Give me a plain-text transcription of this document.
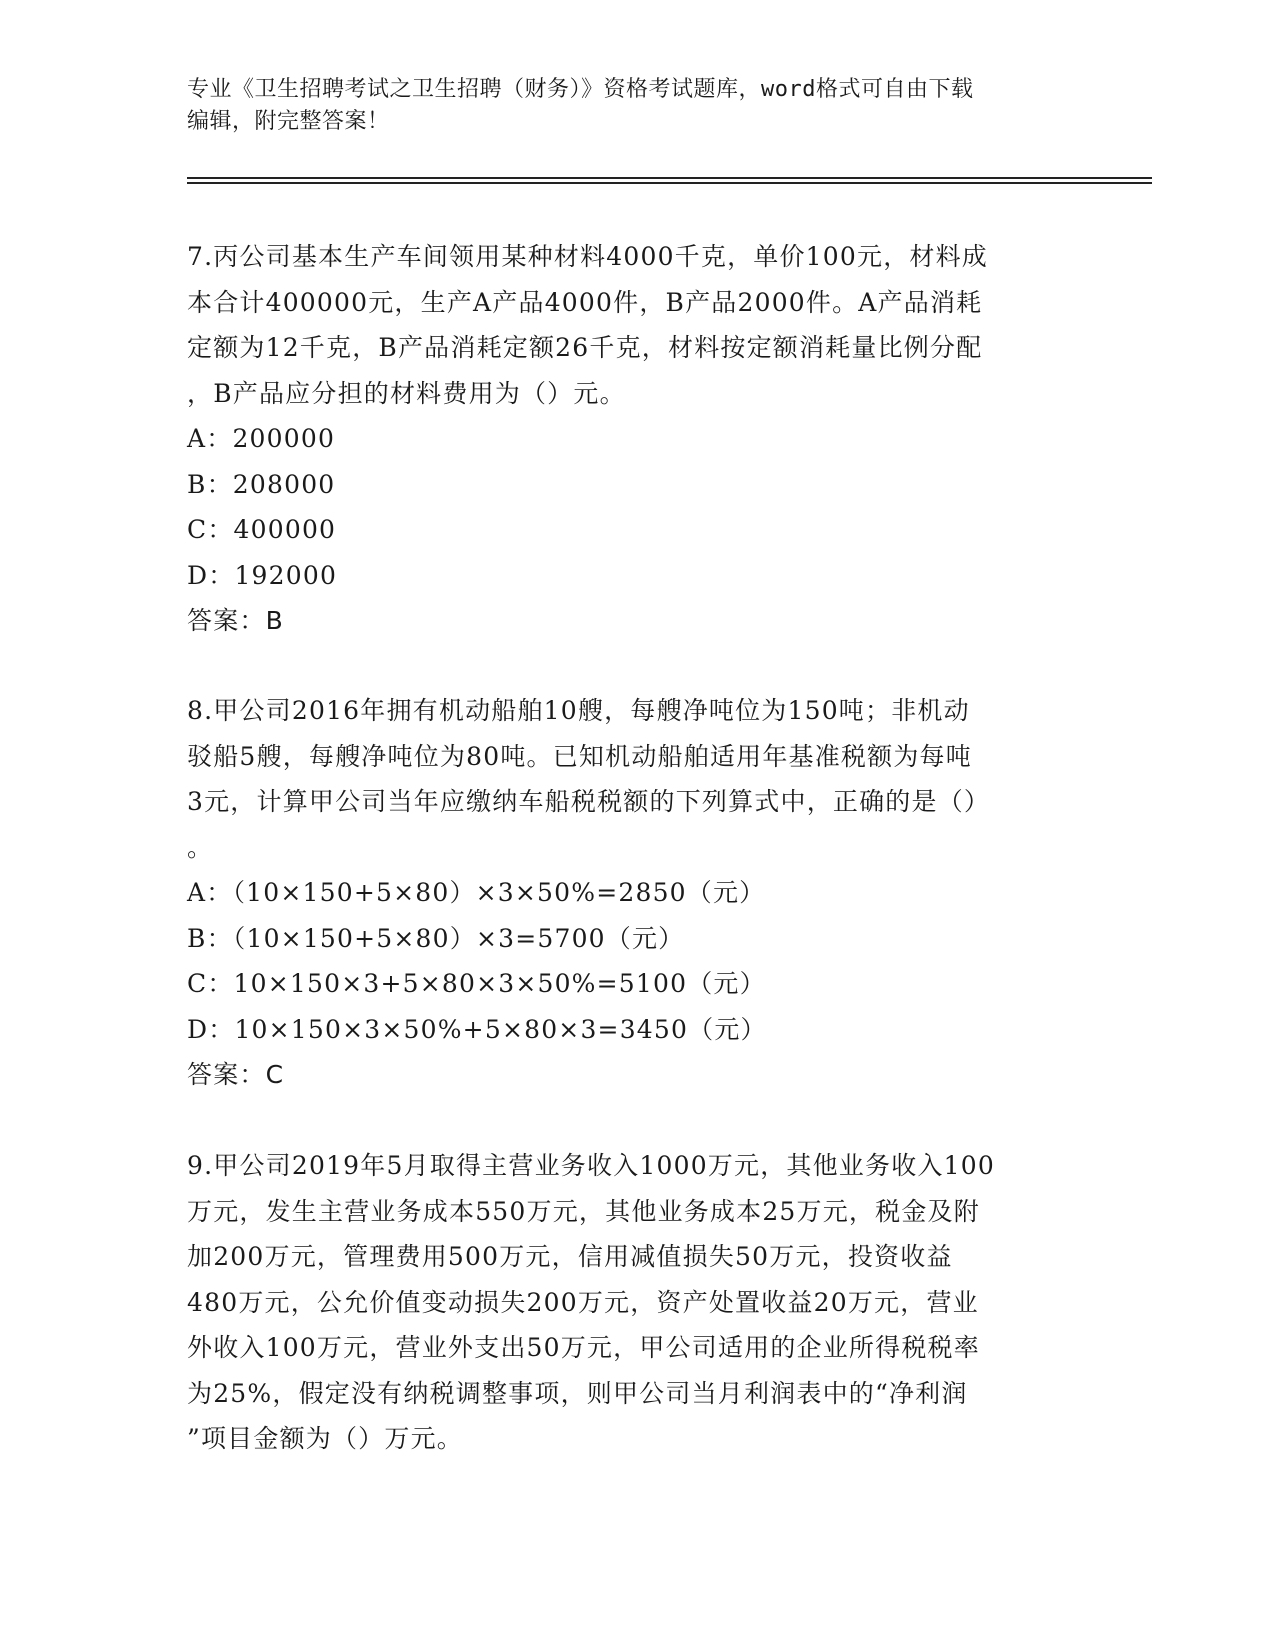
专业《卫生招聘考试之卫生招聘（财务）》资格考试题库，word格式可自由下载
编辑，附完整答案！
7.丙公司基本生产车间领用某种材料4000千克，单价100元，材料成
本合计400000元，生产A产品4000件，B产品2000件。A产品消耗
定额为12千克，B产品消耗定额26千克，材料按定额消耗量比例分配
，B产品应分担的材料费用为（）元。
A：200000
B：208000
C：400000
D：192000
答案：B
8.甲公司2016年拥有机动船舶10艘，每艘净吨位为150吨；非机动
驳船5艘，每艘净吨位为80吨。已知机动船舶适用年基准税额为每吨
3元，计算甲公司当年应缴纳车船税税额的下列算式中，正确的是（）
。
A：（10×150+5×80）×3×50%=2850（元）
B：（10×150+5×80）×3=5700（元）
C：10×150×3+5×80×3×50%=5100（元）
D：10×150×3×50%+5×80×3=3450（元）
答案：C
9.甲公司2019年5月取得主营业务收入1000万元，其他业务收入100
万元，发生主营业务成本550万元，其他业务成本25万元，税金及附
加200万元，管理费用500万元，信用减值损失50万元，投资收益
480万元，公允价值变动损失200万元，资产处置收益20万元，营业
外收入100万元，营业外支出50万元，甲公司适用的企业所得税税率
为25%，假定没有纳税调整事项，则甲公司当月利润表中的“净利润
”项目金额为（）万元。
